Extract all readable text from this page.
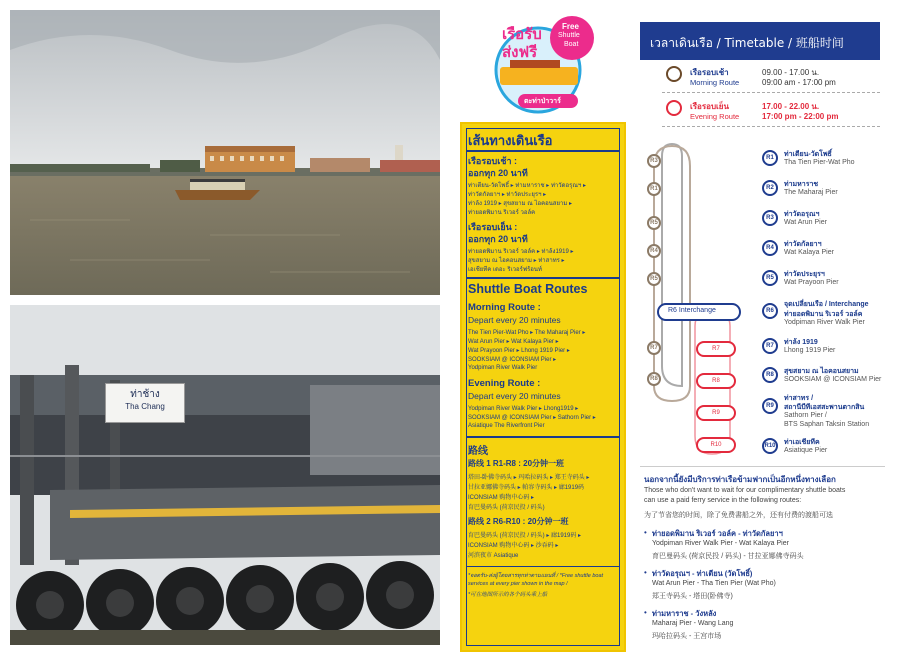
ท่าช้าง
Tha Chang
เรือรับ
ส่งฟรี
Free
Shuttle
Boat
ตะท่าป่าวาร์
เส้นทางเดินเรือ
เรือรอบเช้า :
ออกทุก 20 นาที
ท่าเตียน-วัดโพธิ์ ▸ ท่ามหาราช ▸ ท่าวัดอรุณฯ ▸
ท่าวัดกัลยาฯ ▸ ท่าวัดประยุรฯ ▸
ท่าล้ง 1919 ▸ สุขสยาม ณ ไอคอนสยาม ▸
ท่ายอดพิมาน ริเวอร์ วอล์ค
เรือรอบเย็น :
ออกทุก 20 นาที
ท่ายอดพิมาน ริเวอร์ วอล์ค ▸ ท่าล้ง1919 ▸
สุขสยาม ณ ไอคอนสยาม ▸ ท่าสาทร ▸
เอเชียทีค เดอะ ริเวอร์ฟร้อนท์
Shuttle Boat Routes
Morning Route :
Depart every 20 minutes
The Tien Pier-Wat Pho ▸ The Maharaj Pier ▸
Wat Arun Pier ▸ Wat Kalaya Pier ▸
Wat Prayoon Pier ▸ Lhong 1919 Pier ▸
SOOKSIAM @ ICONSIAM Pier ▸
Yodpiman River Walk Pier
Evening Route :
Depart every 20 minutes
Yodpiman River Walk Pier ▸ Lhong1919 ▸
SOOKSIAM @ ICONSIAM Pier ▸ Sathorn Pier ▸
Asiatique The Riverfront Pier
路线
路线 1 R1-R8 : 20分钟一班
塔田-卧佛寺码头 ▸ 玛哈拉码头 ▸ 郑王寺码头 ▸
甘拉亚娜佛寺码头 ▸ 帕容寺码头 ▸ 廊1919码
ICONSIAM 购物中心码 ▸
育巴曼码头 (荷京民投 / 码头)
路线 2 R6-R10 : 20分钟一班
育巴曼码头 (荷京民投 / 码头) ▸ 廊1919码 ▸
ICONSIAM 购物中心码 ▸ 沙吞码 ▸
河滨夜市 Asiatique
*จอดรับ-ส่งผู้โดยสารทุกท่าตามแผนที่ / *Free shuttle boat
services at every pier shown in the map /
*可在地图所示的各个码头乘上船
เวลาเดินเรือ / Timetable / 班船时间
เรือรอบเช้า
Morning Route
09.00 - 17.00 น.
09:00 am - 17:00 pm
เรือรอบเย็น
Evening Route
17.00 - 22.00 น.
17:00 pm - 22:00 pm
R6 Interchange
R3
R1
R5
R4
R5
R7
R8
R7
R8
R9
R10
R1	ท่าเตียน-วัดโพธิ์
Tha Tien Pier-Wat Pho
R2	ท่ามหาราช
The Maharaj Pier
R3	ท่าวัดอรุณฯ
Wat Arun Pier
R4	ท่าวัดกัลยาฯ
Wat Kalaya Pier
R5	ท่าวัดประยุรฯ
Wat Prayoon Pier
R6
จุดเปลี่ยนเรือ / Interchange
ท่ายอดพิมาน ริเวอร์ วอล์ค
Yodpiman River Walk Pier
R7	ท่าล้ง 1919
Lhong 1919 Pier
R8	สุขสยาม ณ ไอคอนสยาม
SOOKSIAM @ ICONSIAM Pier
R9
ท่าสาทร /
สถานีบีทีเอสสะพานตากสิน
Sathorn Pier /
BTS Saphan Taksin Station
R10	ท่าเอเชียทีค
Asiatique Pier
นอกจากนี้ยังมีบริการท่าเรือข้ามฟากเป็นอีกหนึ่งทางเลือก
Those who don't want to wait for our complimentary shuttle boats
can use a paid ferry service in the following routes:
为了节省您的时间，除了免费書船之外，还有付费的渡船可选
• ท่ายอดพิมาน ริเวอร์ วอล์ค - ท่าวัดกัลยาฯ
Yodpiman River Walk Pier - Wat Kalaya Pier
育巴曼码头 (荷京民投 / 码头) - 甘拉亚娜佛寺码头
• ท่าวัดอรุณฯ - ท่าเตียน (วัดโพธิ์)
Wat Arun Pier - Tha Tien Pier (Wat Pho)
郑王寺码头 - 塔田(卧佛寺)
• ท่ามหาราช - วังหลัง
Maharaj Pier - Wang Lang
玛哈拉码头 - 王宫市场
